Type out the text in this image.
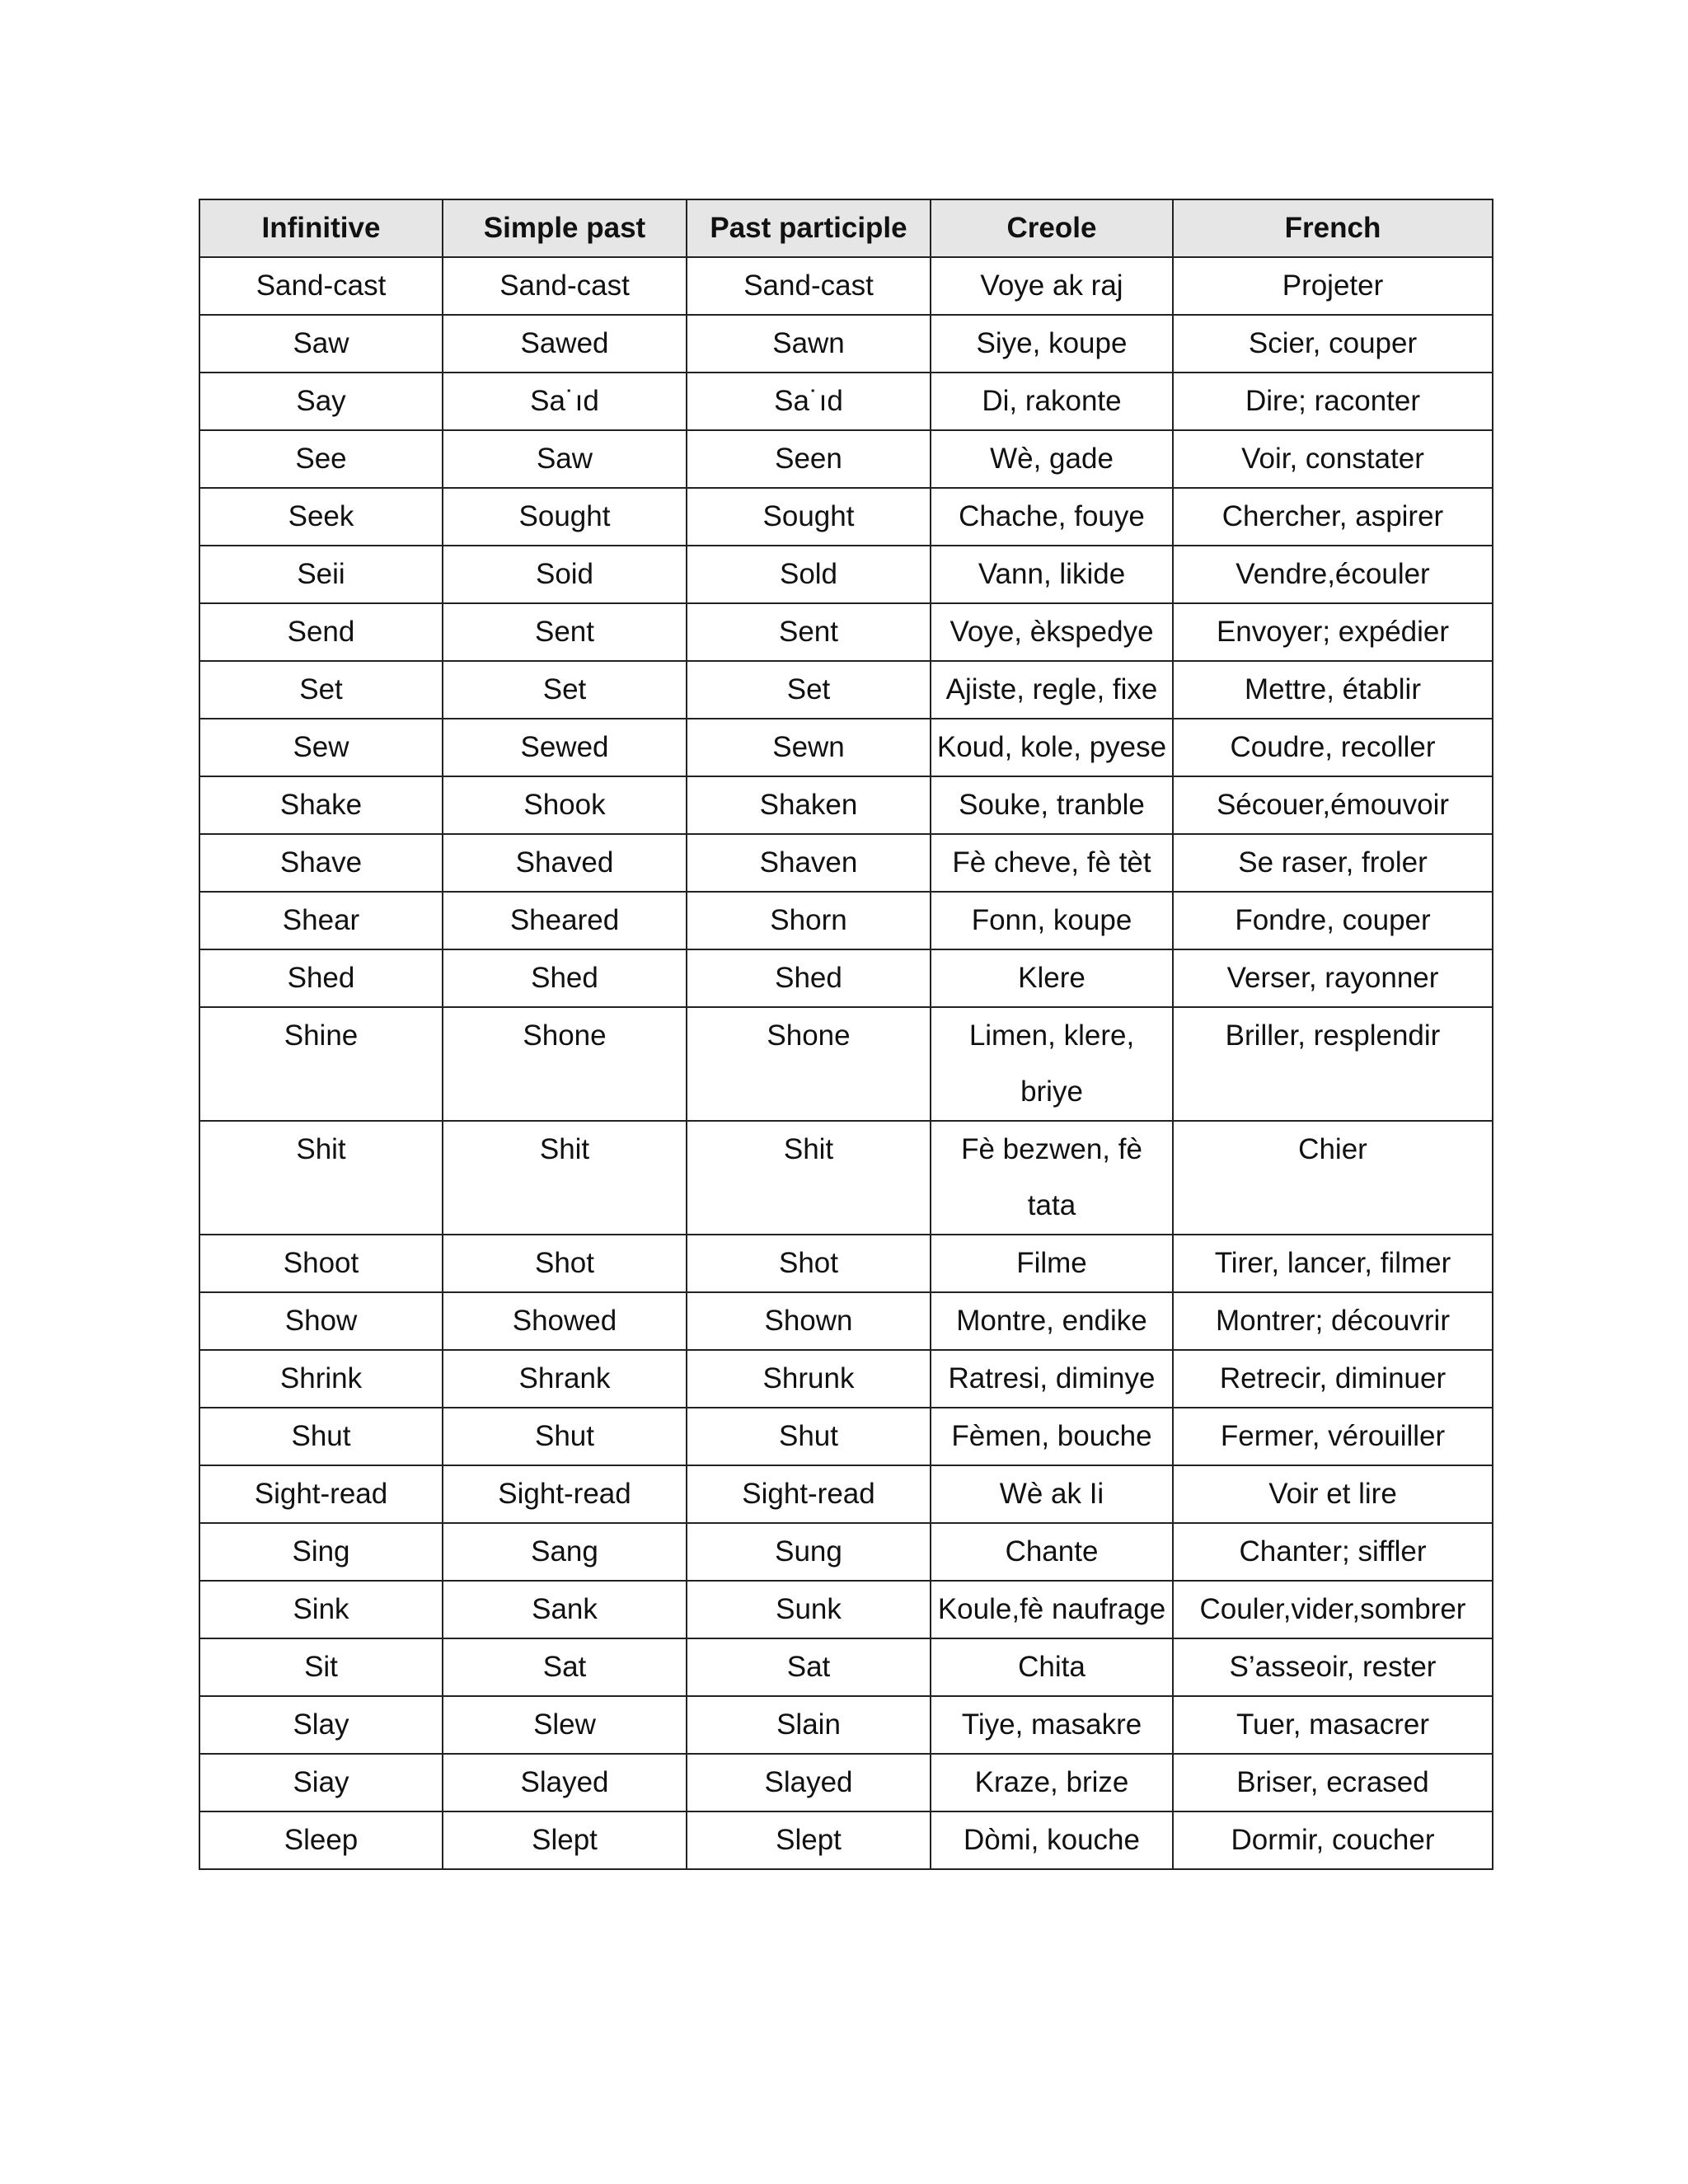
Infinitive	Simple past	Past participle	Creole	French
Sand-cast	Sand-cast	Sand-cast	Voye ak raj	Projeter
Saw	Sawed	Sawn	Siye, koupe	Scier, couper
Say	Sa˙ıd	Sa˙ıd	Di, rakonte	Dire; raconter
See	Saw	Seen	Wè, gade	Voir, constater
Seek	Sought	Sought	Chache, fouye	Chercher, aspirer
Seii	Soid	Sold	Vann, likide	Vendre,écouler
Send	Sent	Sent	Voye, èkspedye	Envoyer; expédier
Set	Set	Set	Ajiste, regle, fixe	Mettre, établir
Sew	Sewed	Sewn	Koud, kole, pyese	Coudre, recoller
Shake	Shook	Shaken	Souke, tranble	Sécouer,émouvoir
Shave	Shaved	Shaven	Fè cheve, fè tèt	Se raser, froler
Shear	Sheared	Shorn	Fonn, koupe	Fondre, couper
Shed	Shed	Shed	Klere	Verser, rayonner
Shine	Shone	Shone	Limen, klere, briye	Briller, resplendir
Shit	Shit	Shit	Fè bezwen, fè tata	Chier
Shoot	Shot	Shot	Filme	Tirer, lancer, filmer
Show	Showed	Shown	Montre, endike	Montrer; découvrir
Shrink	Shrank	Shrunk	Ratresi, diminye	Retrecir, diminuer
Shut	Shut	Shut	Fèmen, bouche	Fermer, vérouiller
Sight-read	Sight-read	Sight-read	Wè ak Ii	Voir et lire
Sing	Sang	Sung	Chante	Chanter; siffler
Sink	Sank	Sunk	Koule,fè naufrage	Couler,vider,sombrer
Sit	Sat	Sat	Chita	S’asseoir, rester
Slay	Slew	Slain	Tiye, masakre	Tuer, masacrer
Siay	Slayed	Slayed	Kraze, brize	Briser, ecrased
Sleep	Slept	Slept	Dòmi, kouche	Dormir, coucher
